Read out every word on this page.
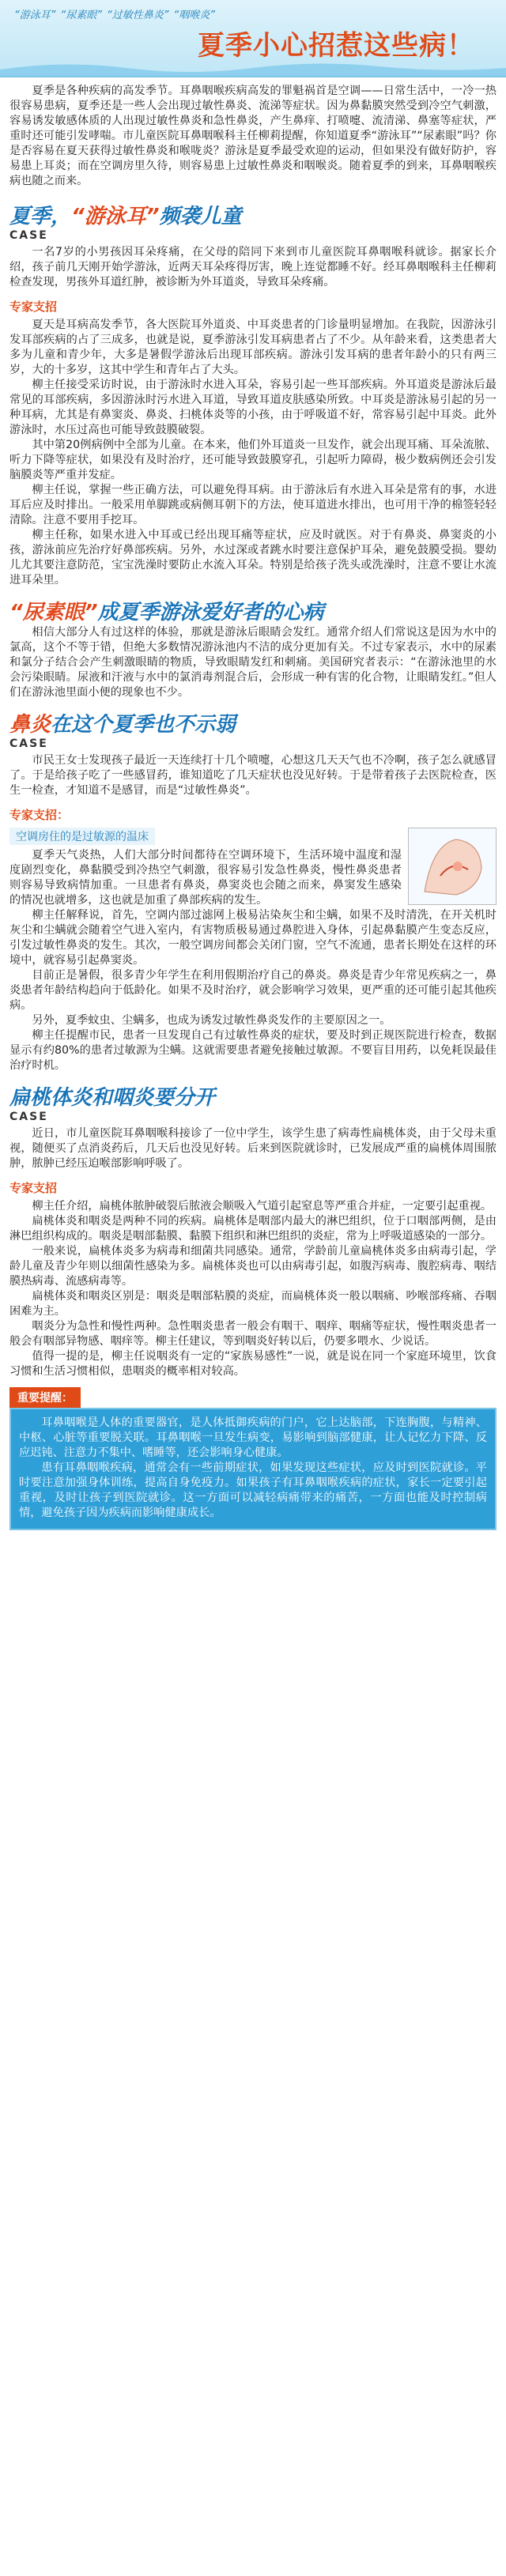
“游泳耳” “尿素眼” “过敏性鼻炎” “咽喉炎”
夏季小心招惹这些病！

夏季是各种疾病的高发季节。耳鼻咽喉疾病高发的罪魁祸首是空调——日常生活中，一冷一热很容易患病，夏季还是一些人会出现过敏性鼻炎、流涕等症状。因为鼻黏膜突然受到冷空气刺激，容易诱发敏感体质的人出现过敏性鼻炎和急性鼻炎，产生鼻痒、打喷嚏、流清涕、鼻塞等症状，严重时还可能引发哮喘。市儿童医院耳鼻咽喉科主任柳莉提醒，你知道夏季“游泳耳”“尿素眼”吗？你是否容易在夏天获得过敏性鼻炎和喉咙炎？游泳是夏季最受欢迎的运动，但如果没有做好防护，容易患上耳炎；而在空调房里久待，则容易患上过敏性鼻炎和咽喉炎。随着夏季的到来，耳鼻咽喉疾病也随之而来。

夏季，“游泳耳”频袭儿童
CASE

一名7岁的小男孩因耳朵疼痛，在父母的陪同下来到市儿童医院耳鼻咽喉科就诊。据家长介绍，孩子前几天刚开始学游泳，近两天耳朵疼得厉害，晚上连觉都睡不好。经耳鼻咽喉科主任柳莉检查发现，男孩外耳道红肿，被诊断为外耳道炎，导致耳朵疼痛。

专家支招

夏天是耳病高发季节，各大医院耳外道炎、中耳炎患者的门诊量明显增加。在我院，因游泳引发耳部疾病的占了三成多，也就是说，夏季游泳引发耳病患者占了不少。从年龄来看，这类患者大多为儿童和青少年，大多是暑假学游泳后出现耳部疾病。游泳引发耳病的患者年龄小的只有两三岁，大的十多岁，这其中学生和青年占了大头。

柳主任接受采访时说，由于游泳时水进入耳朵，容易引起一些耳部疾病。外耳道炎是游泳后最常见的耳部疾病，多因游泳时污水进入耳道，导致耳道皮肤感染所致。中耳炎是游泳易引起的另一种耳病，尤其是有鼻窦炎、鼻炎、扫桃体炎等的小孩，由于呼吸道不好，常容易引起中耳炎。此外游泳时，水压过高也可能导致鼓膜破裂。

其中第20例病例中全部为儿童。在本来，他们外耳道炎一旦发作，就会出现耳痛、耳朵流脓、听力下降等症状，如果没有及时治疗，还可能导致鼓膜穿孔，引起听力障碍，极少数病例还会引发脑膜炎等严重并发症。

柳主任说，掌握一些正确方法，可以避免得耳病。由于游泳后有水进入耳朵是常有的事，水进耳后应及时排出。一般采用单脚跳或病侧耳朝下的方法，使耳道进水排出，也可用干净的棉签轻轻清除。注意不要用手挖耳。

柳主任称，如果水进入中耳或已经出现耳痛等症状，应及时就医。对于有鼻炎、鼻窦炎的小孩，游泳前应先治疗好鼻部疾病。另外，水过深或者跳水时要注意保护耳朵，避免鼓膜受损。婴幼儿尤其要注意防范，宝宝洗澡时要防止水流入耳朵。特别是给孩子洗头或洗澡时，注意不要让水流进耳朵里。

“尿素眼”成夏季游泳爱好者的心病

相信大部分人有过这样的体验，那就是游泳后眼睛会发红。通常介绍人们常说这是因为水中的氯高，这个不等于错，但绝大多数情况游泳池内不洁的成分更加有关。不过专家表示，水中的尿素和氯分子结合会产生刺激眼睛的物质，导致眼睛发红和刺痛。美国研究者表示：“在游泳池里的水会污染眼睛。尿液和汗液与水中的氯消毒剂混合后，会形成一种有害的化合物，让眼睛发红。”但人们在游泳池里面小便的现象也不少。

鼻炎在这个夏季也不示弱
CASE

市民王女士发现孩子最近一天连续打十几个喷嚏，心想这几天天气也不冷啊，孩子怎么就感冒了。于是给孩子吃了一些感冒药，谁知道吃了几天症状也没见好转。于是带着孩子去医院检查，医生一检查，才知道不是感冒，而是“过敏性鼻炎”。

专家支招：
空调房住的是过敏源的温床

夏季天气炎热，人们大部分时间都待在空调环境下，生活环境中温度和湿度剧烈变化，鼻黏膜受到冷热空气刺激，很容易引发急性鼻炎，慢性鼻炎患者则容易导致病情加重。一旦患者有鼻炎，鼻窦炎也会随之而来，鼻窦发生感染的情况也就增多，这也就是加重了鼻部疾病的发生。

柳主任解释说，首先，空调内部过滤网上极易沾染灰尘和尘螨，如果不及时清洗，在开关机时灰尘和尘螨就会随着空气进入室内，有害物质极易通过鼻腔进入身体，引起鼻黏膜产生变态反应，引发过敏性鼻炎的发生。其次，一般空调房间都会关闭门窗，空气不流通，患者长期处在这样的环境中，就容易引起鼻窦炎。

目前正是暑假，很多青少年学生在利用假期治疗自己的鼻炎。鼻炎是青少年常见疾病之一，鼻炎患者年龄结构趋向于低龄化。如果不及时治疗，就会影响学习效果，更严重的还可能引起其他疾病。

另外，夏季蚊虫、尘螨多，也成为诱发过敏性鼻炎发作的主要原因之一。

柳主任提醒市民，患者一旦发现自己有过敏性鼻炎的症状，要及时到正规医院进行检查，数据显示有约80%的患者过敏源为尘螨。这就需要患者避免接触过敏源。不要盲目用药，以免耗误最佳治疗时机。

扁桃体炎和咽炎要分开
CASE

近日，市儿童医院耳鼻咽喉科接诊了一位中学生，该学生患了病毒性扁桃体炎，由于父母未重视，随便买了点消炎药后，几天后也没见好转。后来到医院就诊时，已发展成严重的扁桃体周围脓肿，脓肿已经压迫喉部影响呼吸了。

专家支招

柳主任介绍，扁桃体脓肿破裂后脓液会顺吸入气道引起窒息等严重合并症，一定要引起重视。

扁桃体炎和咽炎是两种不同的疾病。扁桃体是咽部内最大的淋巴组织，位于口咽部两侧，是由淋巴组织构成的。咽炎是咽部黏膜、黏膜下组织和淋巴组织的炎症，常为上呼吸道感染的一部分。

一般来说，扁桃体炎多为病毒和细菌共同感染。通常，学龄前儿童扁桃体炎多由病毒引起，学龄儿童及青少年则以细菌性感染为多。扁桃体炎也可以由病毒引起，如腹泻病毒、腹腔病毒、咽结膜热病毒、流感病毒等。

扁桃体炎和咽炎区别是：咽炎是咽部粘膜的炎症，而扁桃体炎一般以咽痛、吵喉部疼痛、吞咽困难为主。

咽炎分为急性和慢性两种。急性咽炎患者一般会有咽干、咽痒、咽痛等症状，慢性咽炎患者一般会有咽部异物感、咽痒等。柳主任建议，等到咽炎好转以后，仍要多喂水、少说话。

值得一提的是，柳主任说咽炎有一定的“家族易感性”一说，就是说在同一个家庭环境里，饮食习惯和生活习惯相似，患咽炎的概率相对较高。

重要提醒：

耳鼻咽喉是人体的重要器官，是人体抵御疾病的门户，它上达脑部，下连胸腹，与精神、中枢、心脏等重要脱关联。耳鼻咽喉一旦发生病变，易影响到脑部健康，让人记忆力下降、反应迟钝、注意力不集中、嗜睡等，还会影响身心健康。

患有耳鼻咽喉疾病，通常会有一些前期症状，如果发现这些症状，应及时到医院就诊。平时要注意加强身体训练，提高自身免疫力。如果孩子有耳鼻咽喉疾病的症状，家长一定要引起重视，及时让孩子到医院就诊。这一方面可以减轻病痛带来的痛苦，一方面也能及时控制病情，避免孩子因为疾病而影响健康成长。
